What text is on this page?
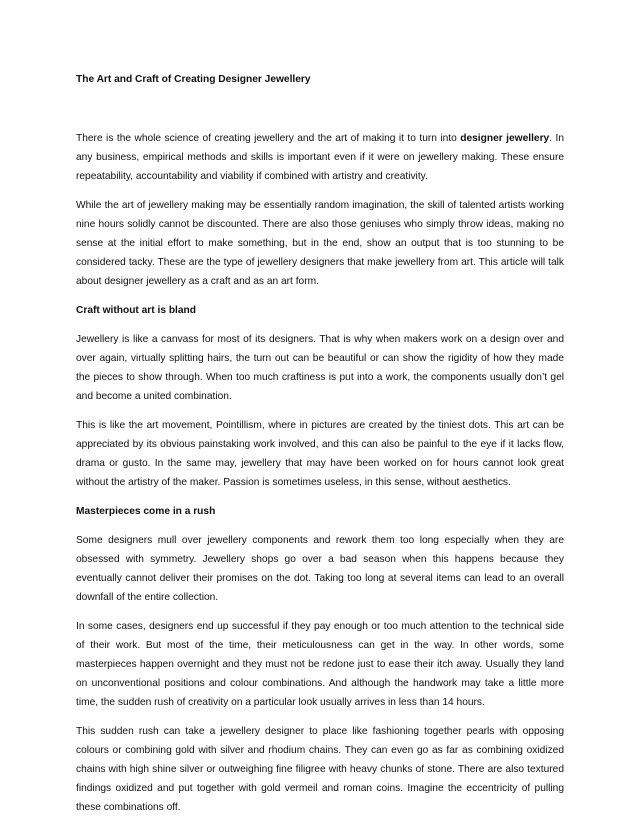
The Art and Craft of Creating Designer Jewellery

There is the whole science of creating jewellery and the art of making it to turn into designer jewellery. In any business, empirical methods and skills is important even if it were on jewellery making. These ensure repeatability, accountability and viability if combined with artistry and creativity.

While the art of jewellery making may be essentially random imagination, the skill of talented artists working nine hours solidly cannot be discounted. There are also those geniuses who simply throw ideas, making no sense at the initial effort to make something, but in the end, show an output that is too stunning to be considered tacky. These are the type of jewellery designers that make jewellery from art. This article will talk about designer jewellery as a craft and as an art form.

Craft without art is bland

Jewellery is like a canvass for most of its designers. That is why when makers work on a design over and over again, virtually splitting hairs, the turn out can be beautiful or can show the rigidity of how they made the pieces to show through. When too much craftiness is put into a work, the components usually don’t gel and become a united combination.

This is like the art movement, Pointillism, where in pictures are created by the tiniest dots. This art can be appreciated by its obvious painstaking work involved, and this can also be painful to the eye if it lacks flow, drama or gusto. In the same may, jewellery that may have been worked on for hours cannot look great without the artistry of the maker. Passion is sometimes useless, in this sense, without aesthetics.

Masterpieces come in a rush

Some designers mull over jewellery components and rework them too long especially when they are obsessed with symmetry. Jewellery shops go over a bad season when this happens because they eventually cannot deliver their promises on the dot. Taking too long at several items can lead to an overall downfall of the entire collection.

In some cases, designers end up successful if they pay enough or too much attention to the technical side of their work. But most of the time, their meticulousness can get in the way. In other words, some masterpieces happen overnight and they must not be redone just to ease their itch away. Usually they land on unconventional positions and colour combinations. And although the handwork may take a little more time, the sudden rush of creativity on a particular look usually arrives in less than 14 hours.

This sudden rush can take a jewellery designer to place like fashioning together pearls with opposing colours or combining gold with silver and rhodium chains. They can even go as far as combining oxidized chains with high shine silver or outweighing fine filigree with heavy chunks of stone. There are also textured findings oxidized and put together with gold vermeil and roman coins. Imagine the eccentricity of pulling these combinations off.
